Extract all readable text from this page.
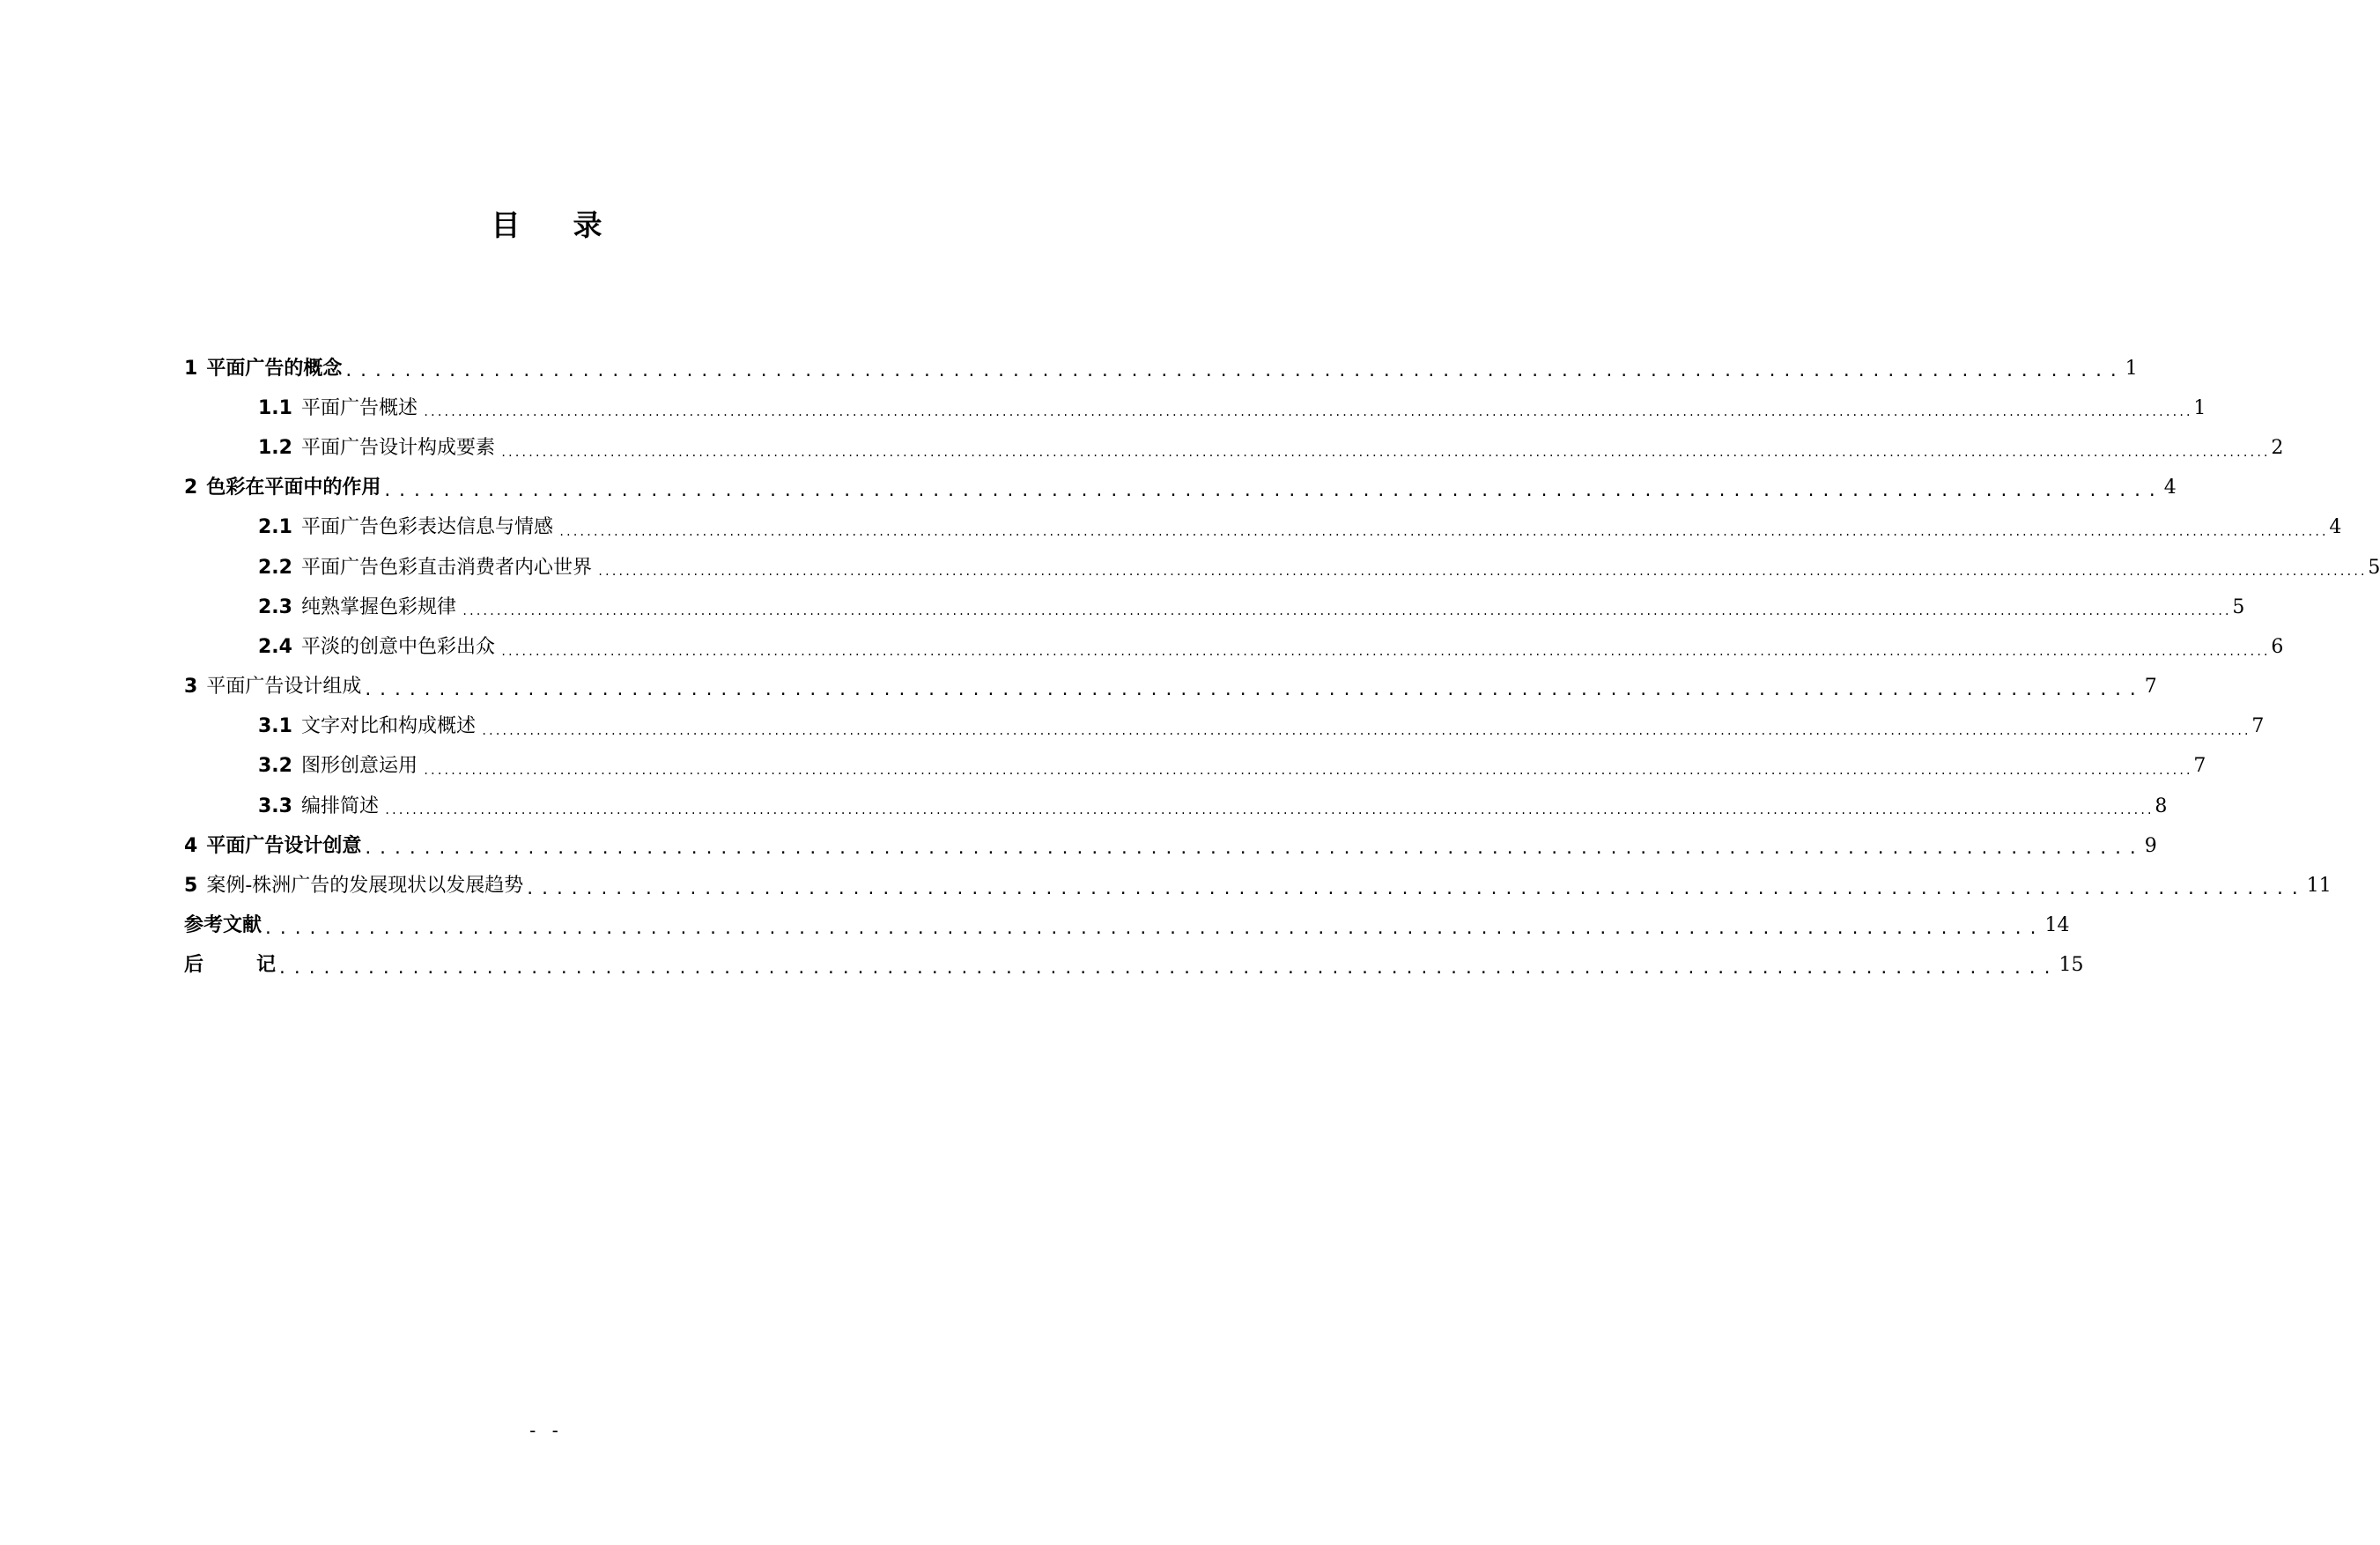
目 录
1 平面广告的概念 ........................................................................................................................ 1
1.1 平面广告概述 .................................................................................................................................................................................................................................................................... 1
1.2 平面广告设计构成要素 .................................................................................................................................................................................................................................................................... 2
2 色彩在平面中的作用 ........................................................................................................................ 4
2.1 平面广告色彩表达信息与情感 .................................................................................................................................................................................................................................................................... 4
2.2 平面广告色彩直击消费者内心世界 .................................................................................................................................................................................................................................................................... 5
2.3 纯熟掌握色彩规律 .................................................................................................................................................................................................................................................................... 5
2.4 平淡的创意中色彩出众 .................................................................................................................................................................................................................................................................... 6
3 平面广告设计组成 ........................................................................................................................ 7
3.1 文字对比和构成概述 .................................................................................................................................................................................................................................................................... 7
3.2 图形创意运用 .................................................................................................................................................................................................................................................................... 7
3.3 编排简述 .................................................................................................................................................................................................................................................................... 8
4 平面广告设计创意 ........................................................................................................................ 9
5 案例-株洲广告的发展现状以发展趋势 ........................................................................................................................ 11
参考文献 ........................................................................................................................ 14
后	记 ........................................................................................................................ 15
- -
